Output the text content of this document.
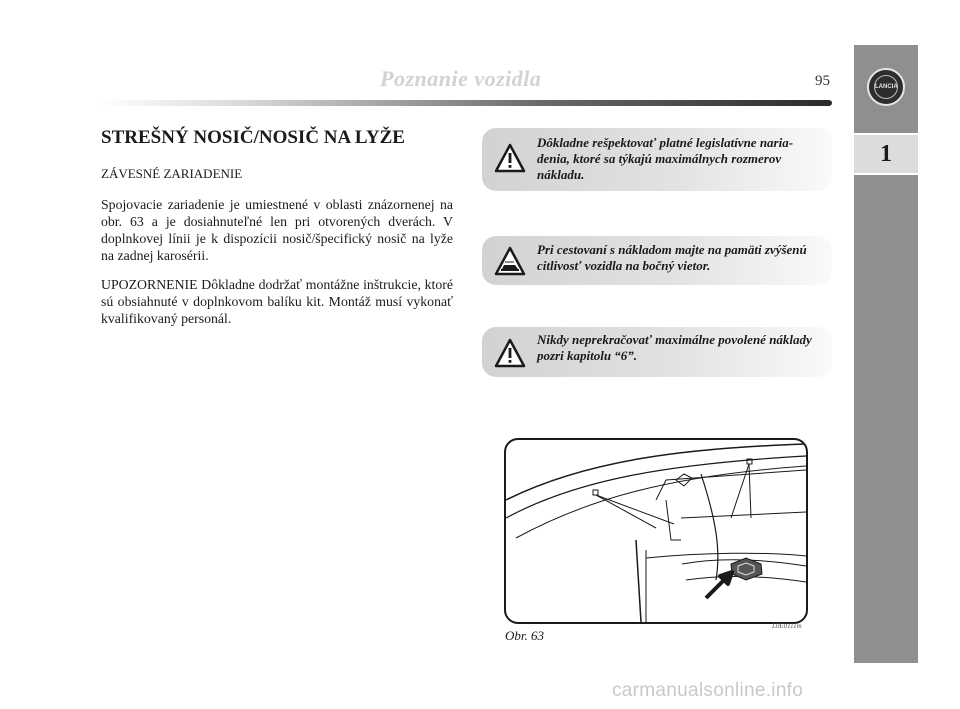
Poznanie vozidla	95	LANCIA
1
STREŠNÝ NOSIČ/NOSIČ NA LYŽE
ZÁVESNÉ ZARIADENIE

Spojovacie zariadenie je umiestnené v oblasti znázornenej na obr. 63 a je dosiahnuteľné len pri otvorených dverách. V doplnkovej línii je k dispozícii nosič/špecifický nosič na lyže na zadnej karosérii.

UPOZORNENIE Dôkladne dodržať montážne inštrukcie, ktoré sú obsiahnuté v doplnkovom balíku kit. Montáž musí vykonať kvalifikovaný personál.

Dôkladne rešpektovať platné legislatívne naria-denia, ktoré sa týkajú maximálnych rozmerov nákladu.
Pri cestovaní s nákladom majte na pamäti zvýšenú citlivosť vozidla na bočný vietor.
Nikdy neprekračovať maximálne povolené náklady pozri kapitolu “6”.
Obr. 63
L0E0111m
carmanualsonline.info
